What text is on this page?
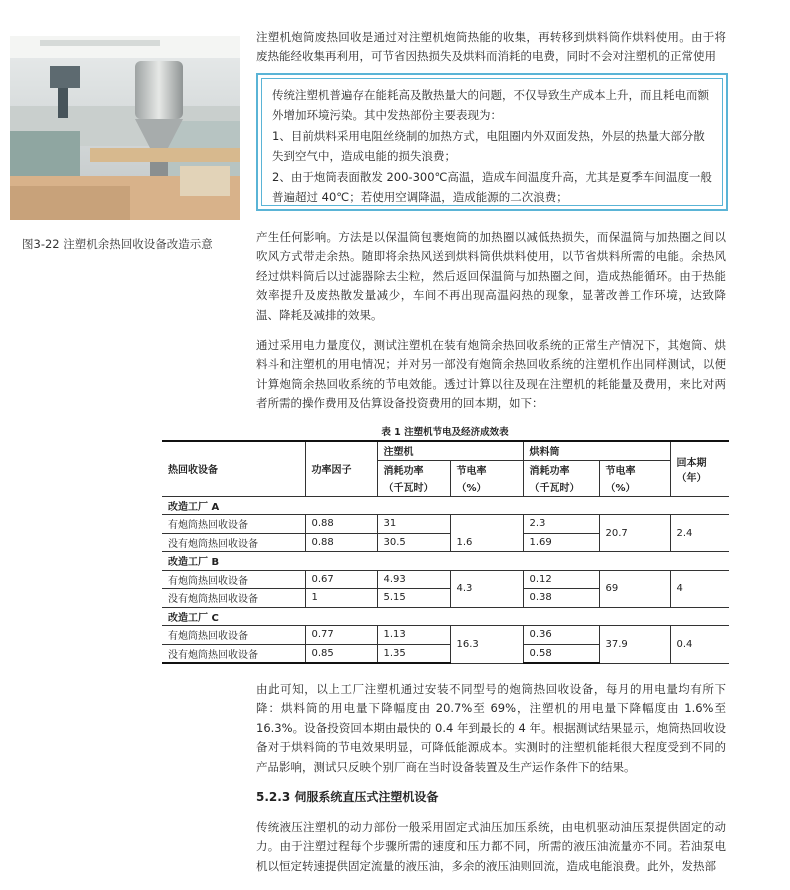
图3-22 注塑机余热回收设备改造示意

注塑机炮筒废热回收是通过对注塑机炮筒热能的收集，再转移到烘料筒作烘料使用。由于将废热能经收集再利用，可节省因热损失及烘料而消耗的电费，同时不会对注塑机的正常使用

传统注塑机普遍存在能耗高及散热量大的问题，不仅导致生产成本上升，而且耗电而额
外增加环境污染。其中发热部份主要表现为：
1、目前烘料采用电阻丝绕制的加热方式，电阻圈内外双面发热，外层的热量大部分散
失到空气中，造成电能的损失浪费；
2、由于炮筒表面散发 200-300℃高温，造成车间温度升高，尤其是夏季车间温度一般
普遍超过 40℃；若使用空调降温，造成能源的二次浪费；

产生任何影响。方法是以保温筒包裹炮筒的加热圈以减低热损失，而保温筒与加热圈之间以吹风方式带走余热。随即将余热风送到烘料筒供烘料使用，以节省烘料所需的电能。余热风经过烘料筒后以过滤器除去尘粒，然后返回保温筒与加热圈之间，造成热能循环。由于热能效率提升及废热散发量减少，车间不再出现高温闷热的现象，显著改善工作环境，达致降温、降耗及减排的效果。

通过采用电力量度仪，测试注塑机在装有炮筒余热回收系统的正常生产情况下，其炮筒、烘料斗和注塑机的用电情况；并对另一部没有炮筒余热回收系统的注塑机作出同样测试，以便计算炮筒余热回收系统的节电效能。透过计算以往及现在注塑机的耗能量及费用，来比对两者所需的操作费用及估算设备投资费用的回本期，如下：

表 1 注塑机节电及经济成效表
热回收设备	功率因子	注塑机		烘料筒		回本期
（年）

		消耗功率	节电率	消耗功率	节电率	
		（千瓦时）	（%）	（千瓦时）	（%）	
改造工厂 A						
有炮筒热回收设备	0.88	31	1.6	2.3	20.7	2.4
没有炮筒热回收设备	0.88	30.5		1.69		
改造工厂 B						
有炮筒热回收设备	0.67	4.93	4.3	0.12	69	4
没有炮筒热回收设备	1	5.15		0.38		
改造工厂 C						
有炮筒热回收设备	0.77	1.13	16.3	0.36	37.9	0.4
没有炮筒热回收设备	0.85	1.35		0.58		

由此可知，以上工厂注塑机通过安装不同型号的炮筒热回收设备，每月的用电量均有所下降：烘料筒的用电量下降幅度由 20.7%至 69%，注塑机的用电量下降幅度由 1.6%至 16.3%。设备投资回本期由最快的 0.4 年到最长的 4 年。根据测试结果显示，炮筒热回收设备对于烘料筒的节电效果明显，可降低能源成本。实测时的注塑机能耗很大程度受到不同的产品影响，测试只反映个别厂商在当时设备装置及生产运作条件下的结果。

5.2.3 伺服系统直压式注塑机设备

传统液压注塑机的动力部份一般采用固定式油压加压系统，由电机驱动油压泵提供固定的动力。由于注塑过程每个步骤所需的速度和压力都不同，所需的液压油流量亦不同。若油泵电机以恒定转速提供固定流量的液压油，多余的液压油则回流，造成电能浪费。此外，发热部
